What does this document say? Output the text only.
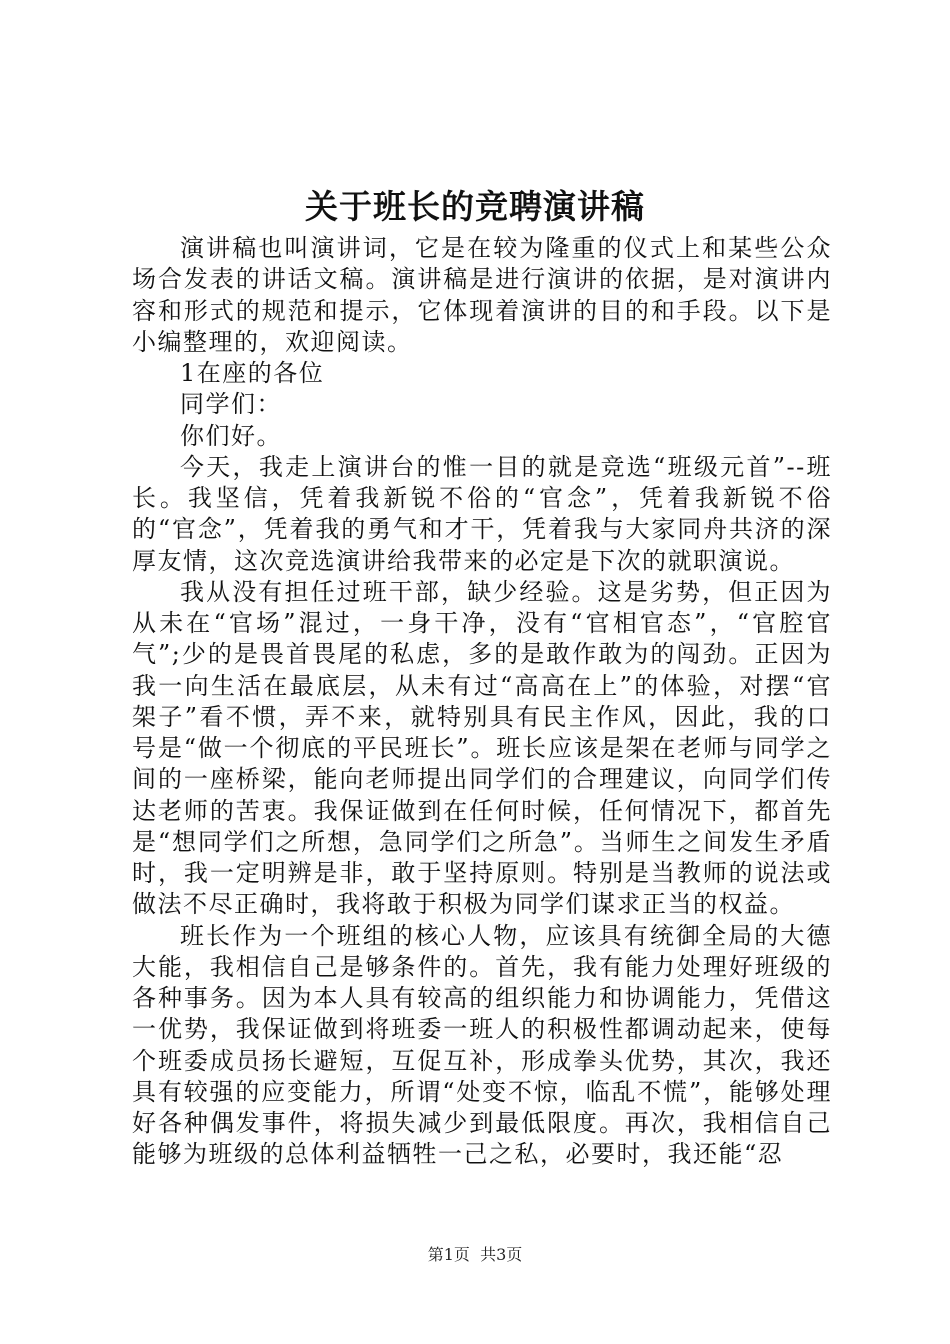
关于班长的竞聘演讲稿

演讲稿也叫演讲词，它是在较为隆重的仪式上和某些公众场合发表的讲话文稿。演讲稿是进行演讲的依据，是对演讲内容和形式的规范和提示，它体现着演讲的目的和手段。以下是小编整理的，欢迎阅读。

1在座的各位

同学们：

你们好。

今天，我走上演讲台的惟一目的就是竞选“班级元首”--班长。我坚信，凭着我新锐不俗的“官念”，凭着我新锐不俗的“官念”，凭着我的勇气和才干，凭着我与大家同舟共济的深厚友情，这次竞选演讲给我带来的必定是下次的就职演说。

我从没有担任过班干部，缺少经验。这是劣势，但正因为从未在“官场”混过，一身干净，没有“官相官态”，“官腔官气”;少的是畏首畏尾的私虑，多的是敢作敢为的闯劲。正因为我一向生活在最底层，从未有过“高高在上”的体验，对摆“官架子”看不惯，弄不来，就特别具有民主作风，因此，我的口号是“做一个彻底的平民班长”。班长应该是架在老师与同学之间的一座桥梁，能向老师提出同学们的合理建议，向同学们传达老师的苦衷。我保证做到在任何时候，任何情况下，都首先是“想同学们之所想，急同学们之所急”。当师生之间发生矛盾时，我一定明辨是非，敢于坚持原则。特别是当教师的说法或做法不尽正确时，我将敢于积极为同学们谋求正当的权益。

班长作为一个班组的核心人物，应该具有统御全局的大德大能，我相信自己是够条件的。首先，我有能力处理好班级的各种事务。因为本人具有较高的组织能力和协调能力，凭借这一优势，我保证做到将班委一班人的积极性都调动起来，使每个班委成员扬长避短，互促互补，形成拳头优势，其次，我还具有较强的应变能力，所谓“处变不惊，临乱不慌”，能够处理好各种偶发事件，将损失减少到最低限度。再次，我相信自己能够为班级的总体利益牺牲一己之私，必要时，我还能“忍

第1页 共3页
